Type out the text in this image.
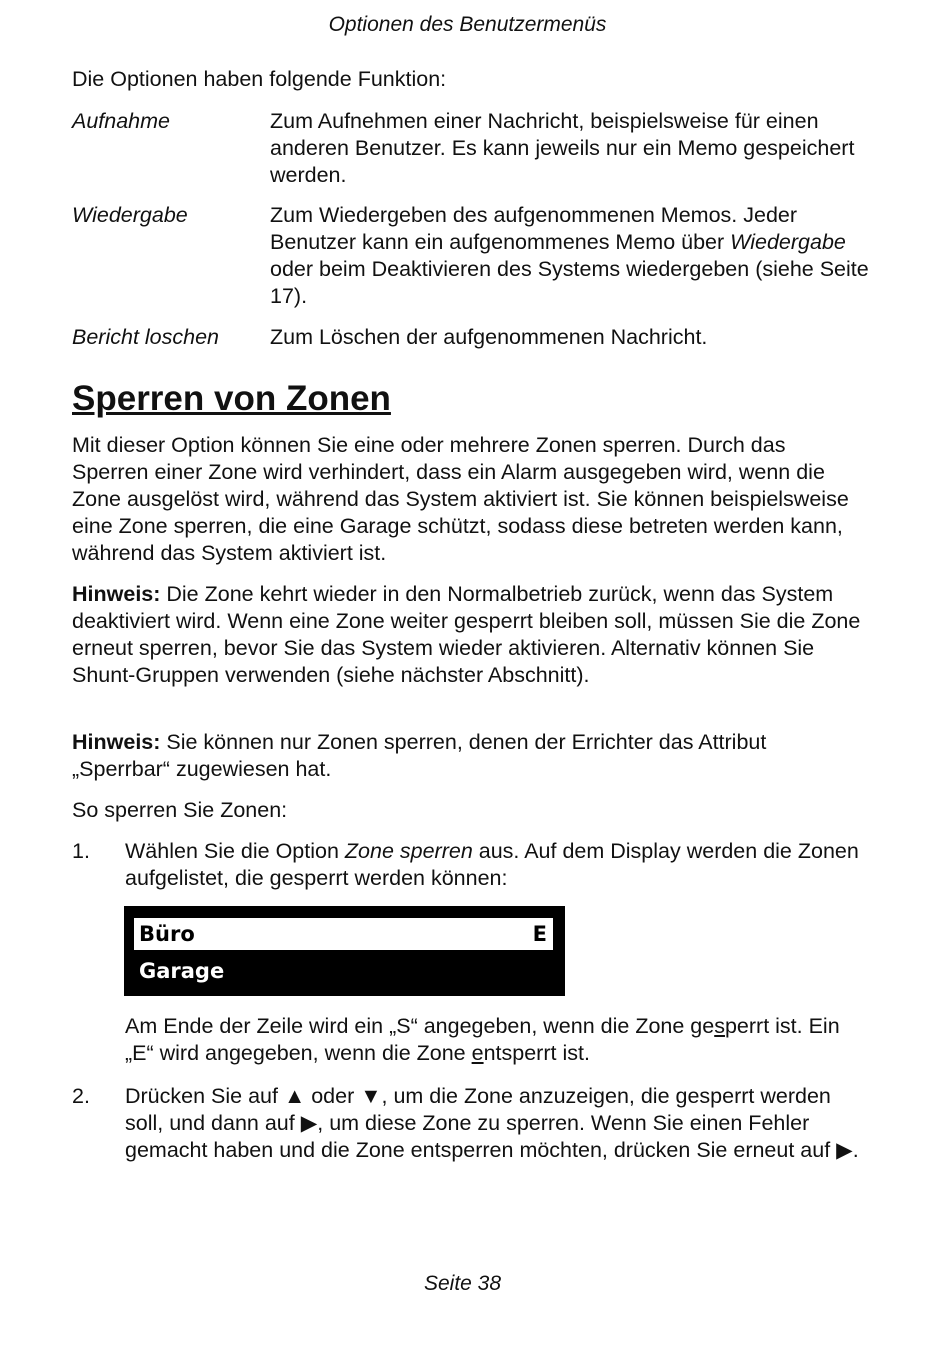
Optionen des Benutzermenüs
Die Optionen haben folgende Funktion:
Aufnahme	Zum Aufnehmen einer Nachricht, beispielsweise für einen anderen Benutzer. Es kann jeweils nur ein Memo gespeichert werden.
Wiedergabe	Zum Wiedergeben des aufgenommenen Memos. Jeder Benutzer kann ein aufgenommenes Memo über Wiedergabe oder beim Deaktivieren des Systems wiedergeben (siehe Seite 17).
Bericht loschen Zum Löschen der aufgenommenen Nachricht.
Sperren von Zonen
Mit dieser Option können Sie eine oder mehrere Zonen sperren. Durch das Sperren einer Zone wird verhindert, dass ein Alarm ausgegeben wird, wenn die Zone ausgelöst wird, während das System aktiviert ist. Sie können beispielsweise eine Zone sperren, die eine Garage schützt, sodass diese betreten werden kann, während das System aktiviert ist.
Hinweis: Die Zone kehrt wieder in den Normalbetrieb zurück, wenn das System deaktiviert wird. Wenn eine Zone weiter gesperrt bleiben soll, müssen Sie die Zone erneut sperren, bevor Sie das System wieder aktivieren. Alternativ können Sie Shunt-Gruppen verwenden (siehe nächster Abschnitt).
Hinweis: Sie können nur Zonen sperren, denen der Errichter das Attribut „Sperrbar“ zugewiesen hat.
So sperren Sie Zonen:
1. Wählen Sie die Option Zone sperren aus. Auf dem Display werden die Zonen aufgelistet, die gesperrt werden können:
Büro	E
Garage
Am Ende der Zeile wird ein „S“ angegeben, wenn die Zone gesperrt ist. Ein „E“ wird angegeben, wenn die Zone entsperrt ist.
2. Drücken Sie auf ▲ oder ▼, um die Zone anzuzeigen, die gesperrt werden soll, und dann auf ▶, um diese Zone zu sperren. Wenn Sie einen Fehler gemacht haben und die Zone entsperren möchten, drücken Sie erneut auf ▶.
Seite 38
